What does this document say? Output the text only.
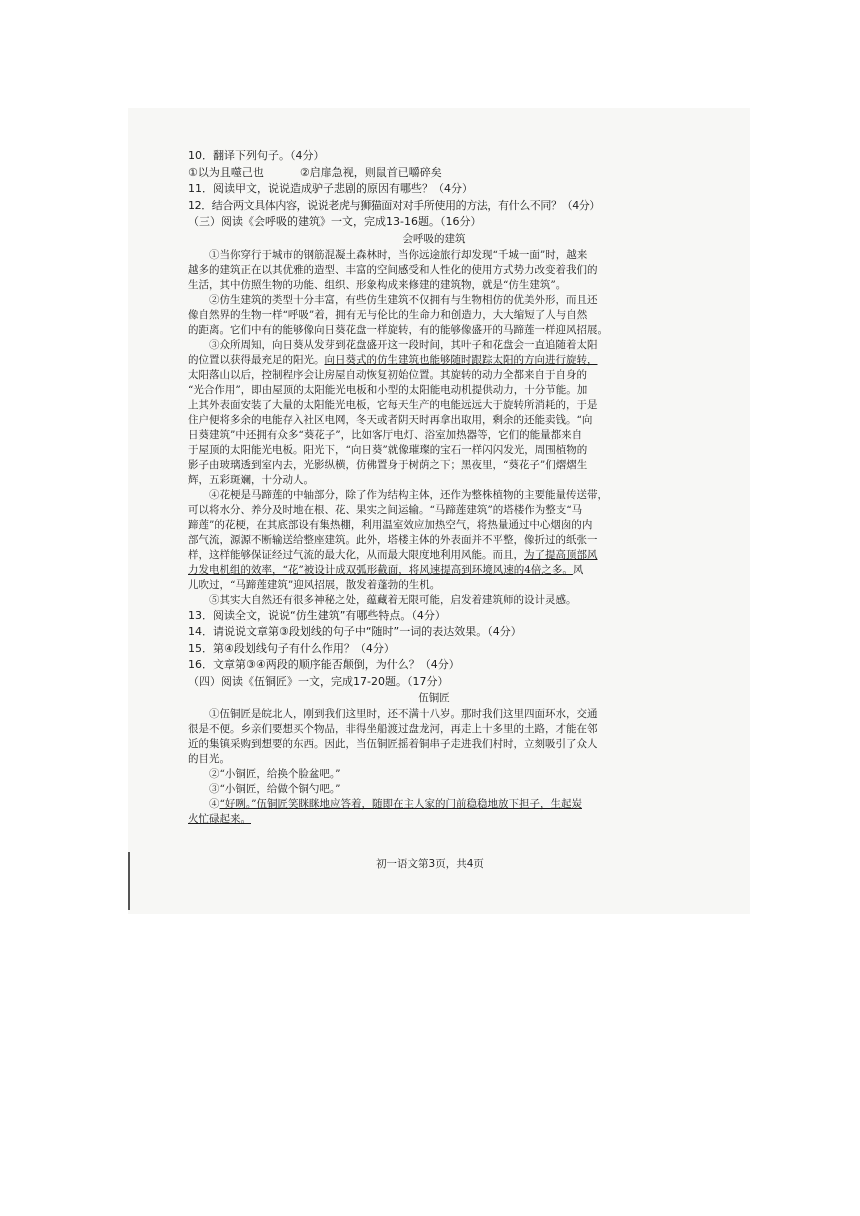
10．翻译下列句子。（4分）
①以为且噬己也	②启扉急视，则鼠首已嚼碎矣
11．阅读甲文，说说造成驴子悲剧的原因有哪些？（4分）
12．结合两文具体内容，说说老虎与狮猫面对对手所使用的方法，有什么不同？（4分）
（三）阅读《会呼吸的建筑》一文，完成13-16题。（16分）
会呼吸的建筑
①当你穿行于城市的钢筋混凝土森林时，当你远途旅行却发现“千城一面”时，越来
越多的建筑正在以其优雅的造型、丰富的空间感受和人性化的使用方式势力改变着我们的
生活，其中仿照生物的功能、组织、形象构成来修建的建筑物，就是“仿生建筑”。
②仿生建筑的类型十分丰富，有些仿生建筑不仅拥有与生物相仿的优美外形，而且还
像自然界的生物一样“呼吸”着，拥有无与伦比的生命力和创造力，大大缩短了人与自然
的距离。它们中有的能够像向日葵花盘一样旋转，有的能够像盛开的马蹄莲一样迎风招展。
③众所周知，向日葵从发芽到花盘盛开这一段时间，其叶子和花盘会一直追随着太阳
的位置以获得最充足的阳光。向日葵式的仿生建筑也能够随时跟踪太阳的方向进行旋转，
太阳落山以后，控制程序会让房屋自动恢复初始位置。其旋转的动力全都来自于自身的
“光合作用”，即由屋顶的太阳能光电板和小型的太阳能电动机提供动力，十分节能。加
上其外表面安装了大量的太阳能光电板，它每天生产的电能远远大于旋转所消耗的，于是
住户便将多余的电能存入社区电网，冬天或者阴天时再拿出取用，剩余的还能卖钱。“向
日葵建筑”中还拥有众多“葵花子”，比如客厅电灯、浴室加热器等，它们的能量都来自
于屋顶的太阳能光电板。阳光下，“向日葵”就像璀璨的宝石一样闪闪发光，周围植物的
影子由玻璃透到室内去，光影纵横，仿佛置身于树荫之下；黑夜里，“葵花子”们熠熠生
辉，五彩斑斓，十分动人。
④花梗是马蹄莲的中轴部分，除了作为结构主体，还作为整株植物的主要能量传送带，
可以将水分、养分及时地在根、花、果实之间运输。“马蹄莲建筑”的塔楼作为整支“马
蹄莲”的花梗，在其底部设有集热棚，利用温室效应加热空气，将热量通过中心烟囱的内
部气流，源源不断输送给整座建筑。此外，塔楼主体的外表面并不平整，像折过的纸张一
样，这样能够保证经过气流的最大化，从而最大限度地利用风能。而且，为了提高顶部风
力发电机组的效率，“花”被设计成双弧形截面，将风速提高到环境风速的4倍之多。风
儿吹过，“马蹄莲建筑”迎风招展，散发着蓬勃的生机。
⑤其实大自然还有很多神秘之处，蕴藏着无限可能，启发着建筑师的设计灵感。
13．阅读全文，说说“仿生建筑”有哪些特点。（4分）
14．请说说文章第③段划线的句子中“随时”一词的表达效果。（4分）
15．第④段划线句子有什么作用？（4分）
16．文章第③④两段的顺序能否颠倒，为什么？（4分）
（四）阅读《伍铜匠》一文，完成17-20题。（17分）
伍铜匠
①伍铜匠是皖北人，刚到我们这里时，还不满十八岁。那时我们这里四面环水，交通
很是不便。乡亲们要想买个物品，非得坐船渡过盘龙河，再走上十多里的土路，才能在邻
近的集镇采购到想要的东西。因此，当伍铜匠摇着铜串子走进我们村时，立刻吸引了众人
的目光。
②“小铜匠，给换个脸盆吧。”
③“小铜匠，给做个铜勺吧。”
④“好咧。”伍铜匠笑眯眯地应答着，随即在主人家的门前稳稳地放下担子，生起炭
火忙碌起来。
初一语文第3页，共4页
